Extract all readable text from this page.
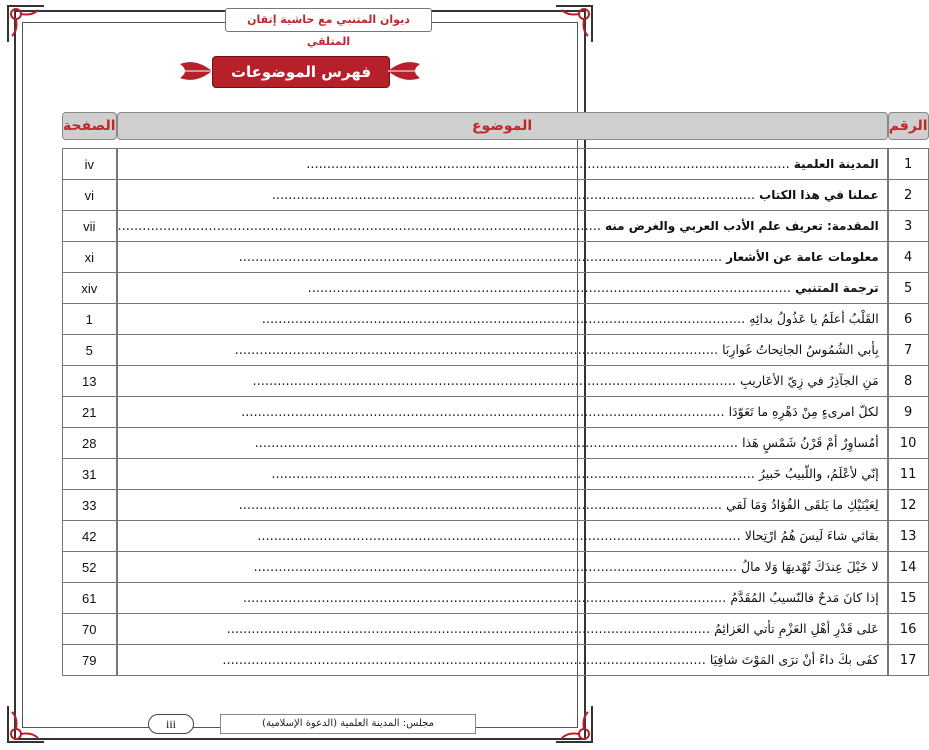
ديوان المتنبي مع حاشية إتقان المتلقي
فهرس الموضوعات
الرقم		الموضوع		الصفحة

1		المدينة العلمية.....................................................................................................................		iv
2		عملنا في هذا الكتاب.....................................................................................................................		vi
3		المقدمة: تعريف علم الأدب العربي والغرض منه.....................................................................................................................		vii
4		معلومات عامة عن الأشعار.....................................................................................................................		xi
5		ترجمة المتنبي.....................................................................................................................		xiv
6		القَلْبُ أعلَمُ يا عَذُولُ بدائِهِ.....................................................................................................................		1
7		بِأبي الشُمُوسُ الجانِحاتُ غَوارِبَا.....................................................................................................................		5
8		مَنِ الجآذِرُ في زِيّ الأعَاريبِ.....................................................................................................................		13
9		لكلّ امرىءٍ مِنْ دَهْرِهِ ما تَعَوّدَا.....................................................................................................................		21
10		أمُساوِرٌ أمْ قَرْنُ شَمْسٍ هَذا.....................................................................................................................		28
11		إنّي لأعْلَمُ، واللّبيبُ خَبيرُ.....................................................................................................................		31
12		لِعَيْنَيْكِ ما يَلقَى الفُؤادُ وَمَا لَقي.....................................................................................................................		33
13		بقائي شاءَ لَيسَ هُمُ ارْتِحالا.....................................................................................................................		42
14		لا خَيْلَ عِندَكَ تُهْديهَا وَلا مالُ.....................................................................................................................		52
15		إذا كانَ مَدحٌ فالنّسيبُ المُقَدَّمُ.....................................................................................................................		61
16		عَلى قَدْرِ أهْلِ العَزْمِ تأتي العَزائِمُ.....................................................................................................................		70
17		كفَى بكَ داءً أنْ ترَى المَوْتَ شافِيَا.....................................................................................................................		79
iii	مجلس: المدينة العلمية (الدعوة الإسلامية)
